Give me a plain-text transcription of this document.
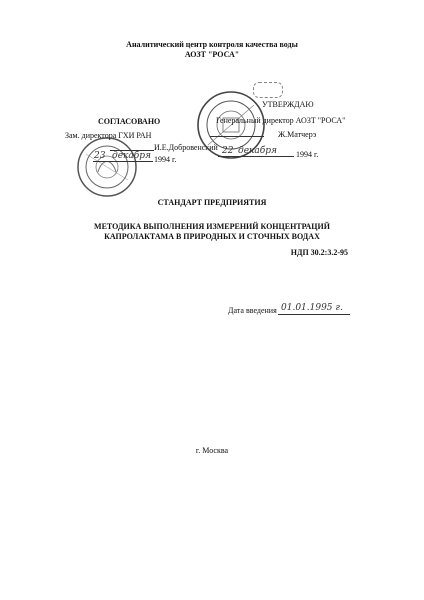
Аналитический центр контроля качества воды
АОЗТ "РОСА"
СОГЛАСОВАНО
Зам. директора ГХИ РАН
И.Е.Добровенский
23 декабря 1994 г.
УТВЕРЖДАЮ
Генеральный директор АОЗТ "РОСА"
Ж.Матчерэ
22 декабря 1994 г.
СТАНДАРТ ПРЕДПРИЯТИЯ
МЕТОДИКА ВЫПОЛНЕНИЯ ИЗМЕРЕНИЙ КОНЦЕНТРАЦИЙ
КАПРОЛАКТАМА В ПРИРОДНЫХ И СТОЧНЫХ ВОДАХ
НДП 30.2:3.2-95
Дата введения 01.01.1995 г.
г. Москва
